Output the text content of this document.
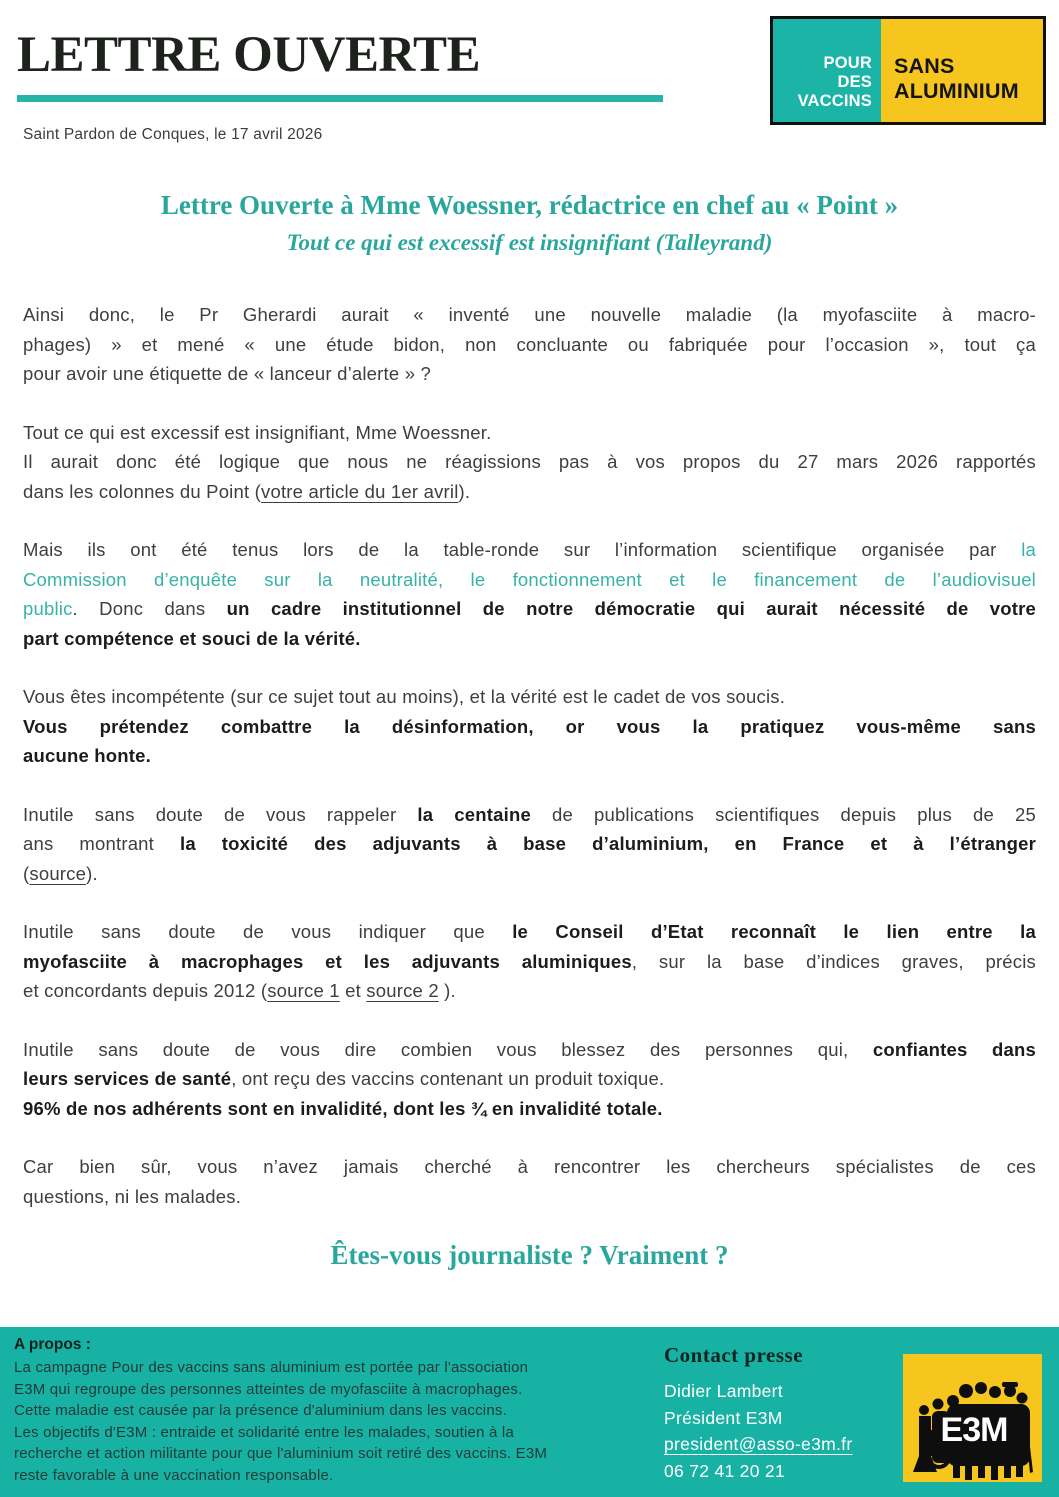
LETTRE OUVERTE
Saint Pardon de Conques, le 17 avril 2026
POUR
DES
VACCINS
SANS
ALUMINIUM
Lettre Ouverte à Mme Woessner, rédactrice en chef au « Point »
Tout ce qui est excessif est insignifiant (Talleyrand)
Ainsi donc, le Pr Gherardi aurait « inventé une nouvelle maladie (la myofasciite à macro-
phages) » et mené « une étude bidon, non concluante ou fabriquée pour l’occasion », tout ça
pour avoir une étiquette de « lanceur d’alerte » ?
Tout ce qui est excessif est insignifiant, Mme Woessner.
Il aurait donc été logique que nous ne réagissions pas à vos propos du 27 mars 2026 rapportés
dans les colonnes du Point (votre article du 1er avril).
Mais ils ont été tenus lors de la table-ronde sur l’information scientifique organisée par la
Commission d’enquête sur la neutralité, le fonctionnement et le financement de l’audiovisuel
public. Donc dans un cadre institutionnel de notre démocratie qui aurait nécessité de votre
part compétence et souci de la vérité.
Vous êtes incompétente (sur ce sujet tout au moins), et la vérité est le cadet de vos soucis.
Vous prétendez combattre la désinformation, or vous la pratiquez vous-même sans
aucune honte.
Inutile sans doute de vous rappeler la centaine de publications scientifiques depuis plus de 25
ans montrant la toxicité des adjuvants à base d’aluminium, en France et à l’étranger
(source).
Inutile sans doute de vous indiquer que le Conseil d’Etat reconnaît le lien entre la
myofasciite à macrophages et les adjuvants aluminiques, sur la base d’indices graves, précis
et concordants depuis 2012 (source 1 et source 2 ).
Inutile sans doute de vous dire combien vous blessez des personnes qui, confiantes dans
leurs services de santé, ont reçu des vaccins contenant un produit toxique.
96% de nos adhérents sont en invalidité, dont les ¾ en invalidité totale.
Car bien sûr, vous n’avez jamais cherché à rencontrer les chercheurs spécialistes de ces
questions, ni les malades.
Êtes-vous journaliste ? Vraiment ?
A propos :
La campagne Pour des vaccins sans aluminium est portée par l'association
E3M qui regroupe des personnes atteintes de myofasciite à macrophages.
Cette maladie est causée par la présence d'aluminium dans les vaccins.
Les objectifs d'E3M : entraide et solidarité entre les malades, soutien à la
recherche et action militante pour que l'aluminium soit retiré des vaccins. E3M
reste favorable à une vaccination responsable.
Contact presse
Didier Lambert
Président E3M
president@asso-e3m.fr
06 72 41 20 21
E3M
